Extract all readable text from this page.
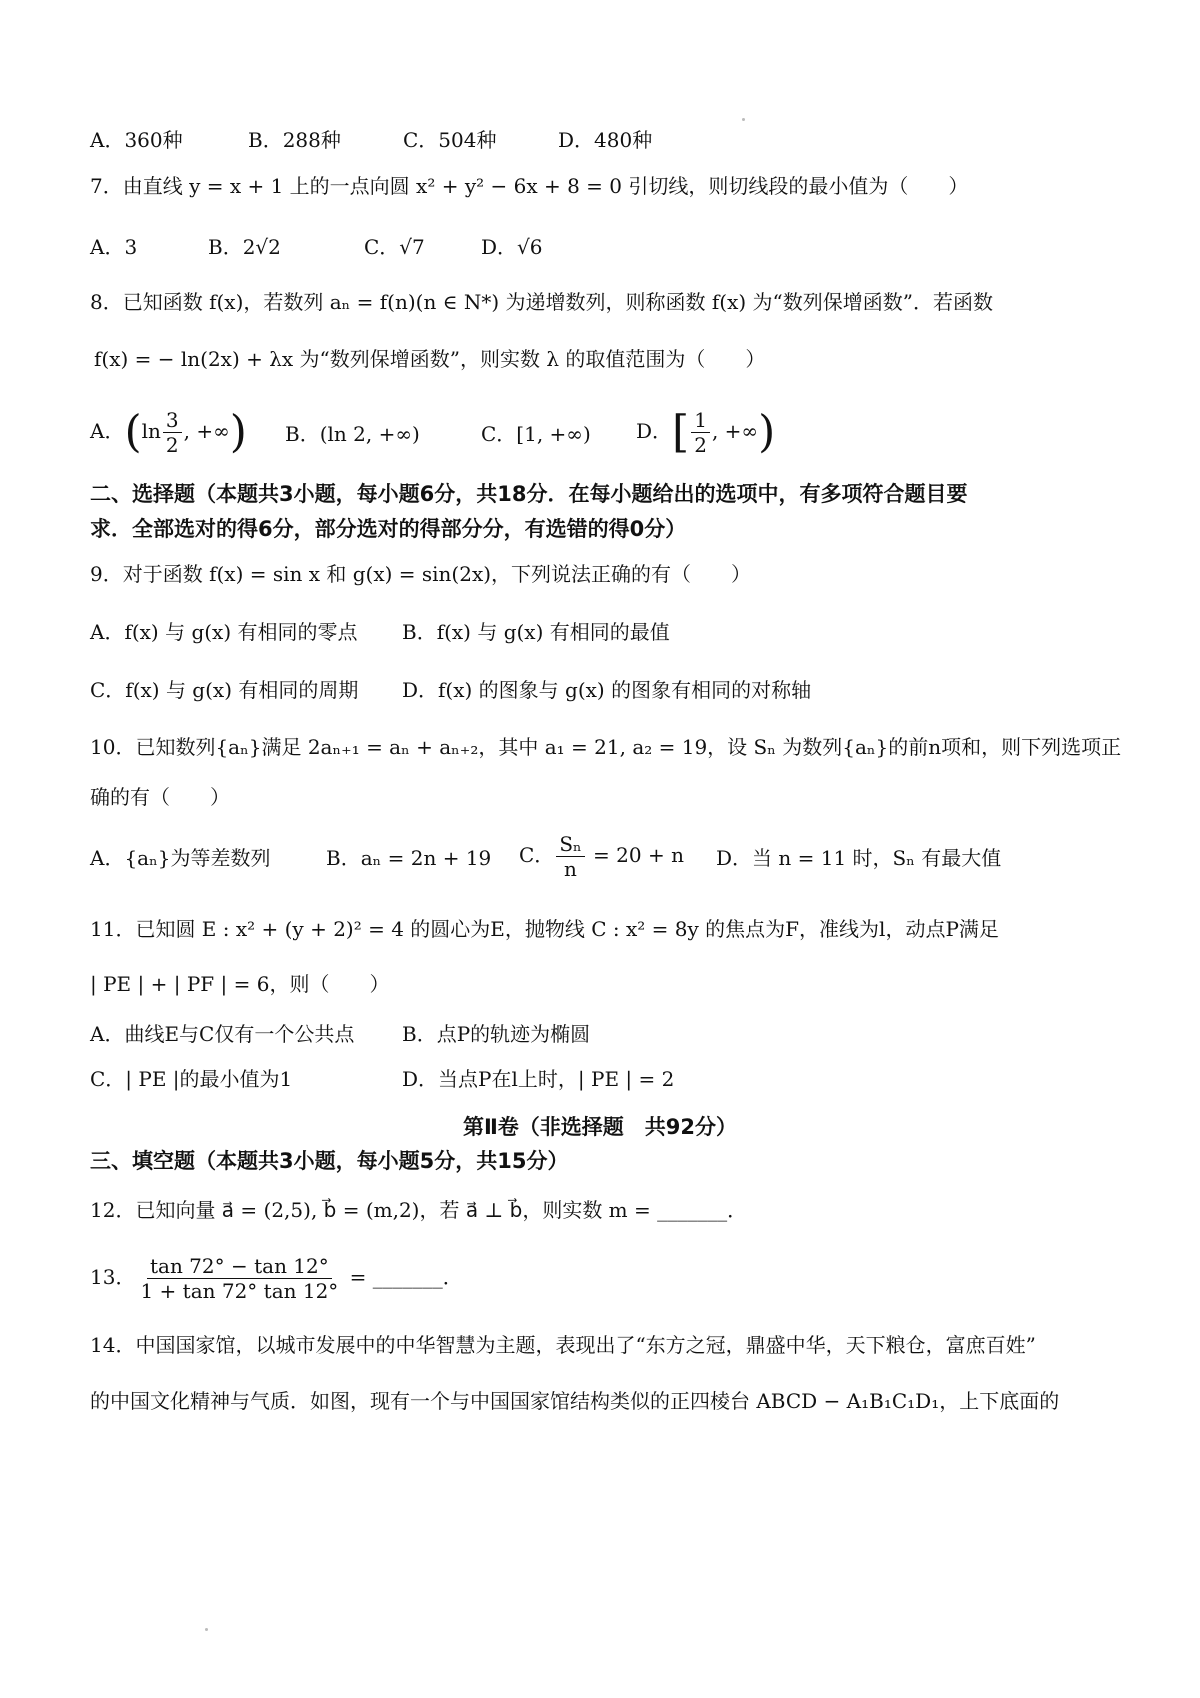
A．360种	B．288种	C．504种	D．480种
7．由直线 y = x + 1 上的一点向圆 x² + y² − 6x + 8 = 0 引切线，则切线段的最小值为（　　）
A．3	B．2√2	C．√7	D．√6
8．已知函数 f(x)，若数列 aₙ = f(n)(n ∈ N*) 为递增数列，则称函数 f(x) 为“数列保增函数”．若函数
f(x) = − ln(2x) + λx 为“数列保增函数”，则实数 λ 的取值范围为（　　）
A．($\ln \frac{3}{2}$ , +∞) B．(ln 2, +∞)	C．[1, +∞) D．[ $\frac{1}{2}$ , +∞)
二、选择题（本题共3小题，每小题6分，共18分．在每小题给出的选项中，有多项符合题目要
求．全部选对的得6分，部分选对的得部分分，有选错的得0分）
9．对于函数 f(x) = sin x 和 g(x) = sin(2x)，下列说法正确的有（　　）
A．f(x) 与 g(x) 有相同的零点 B．f(x) 与 g(x) 有相同的最值
C．f(x) 与 g(x) 有相同的周期 D．f(x) 的图象与 g(x) 的图象有相同的对称轴
10．已知数列{aₙ}满足 2aₙ₊₁ = aₙ + aₙ₊₂，其中 a₁ = 21, a₂ = 19，设 Sₙ 为数列{aₙ}的前n项和，则下列选项正
确的有（　　）
A．{aₙ}为等差数列	B．aₙ = 2n + 19 C． $\frac{\text{Sₙ}}{n} = 20 + n$ D．当 n = 11 时，Sₙ 有最大值
11．已知圆 E : x² + (y + 2)² = 4 的圆心为E，抛物线 C : x² = 8y 的焦点为F，准线为l，动点P满足
| PE | + | PF | = 6，则（　　）
A．曲线E与C仅有一个公共点 B．点P的轨迹为椭圆
C．| PE |的最小值为1	D．当点P在l上时，| PE | = 2
第Ⅱ卷（非选择题　共92分）
三、填空题（本题共3小题，每小题5分，共15分）
12．已知向量 a⃗ = (2,5), b⃗ = (m,2)，若 a⃗ ⊥ b⃗，则实数 m = _______．
13． $\frac{\tan 72^\circ - \tan 12^\circ}{1 + \tan 72^\circ \tan 12^\circ}$ = _______．
14．中国国家馆，以城市发展中的中华智慧为主题，表现出了“东方之冠，鼎盛中华，天下粮仓，富庶百姓”
的中国文化精神与气质．如图，现有一个与中国国家馆结构类似的正四棱台 ABCD − A₁B₁C₁D₁，上下底面的
